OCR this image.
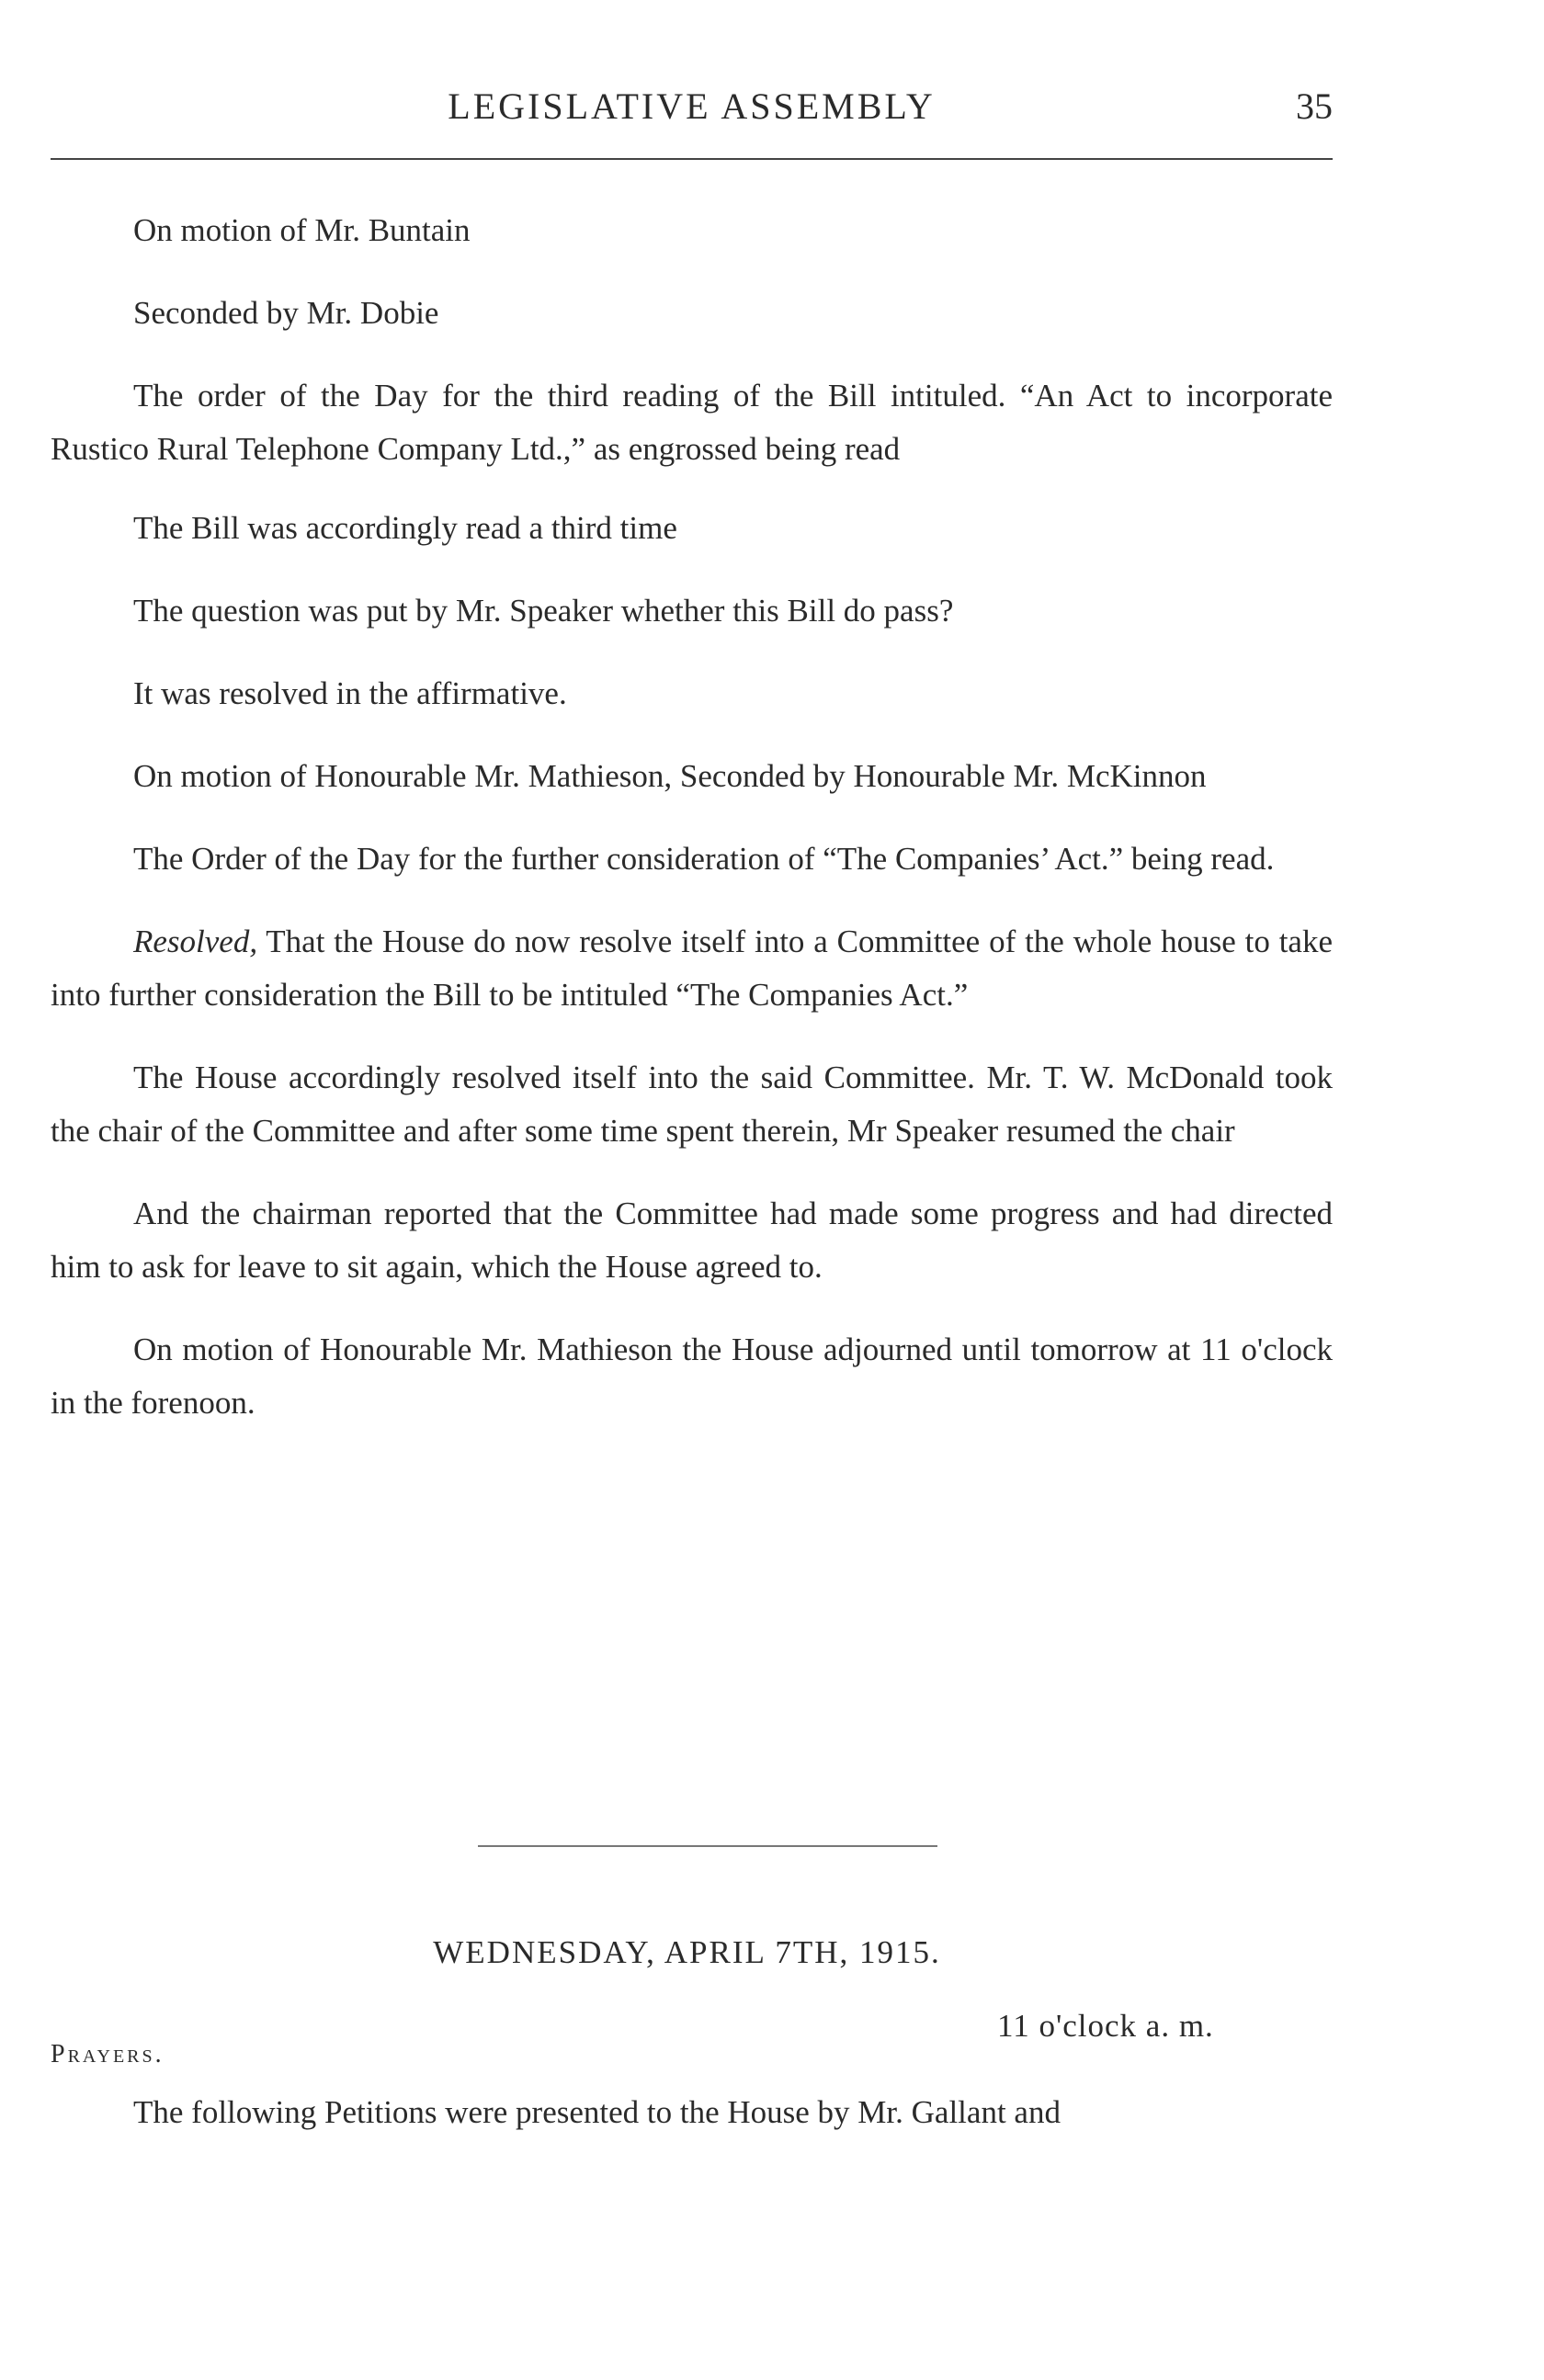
LEGISLATIVE ASSEMBLY	35

On motion of Mr. Buntain

Seconded by Mr. Dobie

The order of the Day for the third reading of the Bill intituled. “An Act to incorporate Rustico Rural Telephone Company Ltd.,” as engrossed being read

The Bill was accordingly read a third time

The question was put by Mr. Speaker whether this Bill do pass?

It was resolved in the affirmative.

On motion of Honourable Mr. Mathieson, Seconded by Honourable Mr. McKinnon

The Order of the Day for the further consideration of “The Companies’ Act.” being read.

Resolved, That the House do now resolve itself into a Committee of the whole house to take into further consideration the Bill to be intituled “The Companies Act.”

The House accordingly resolved itself into the said Committee. Mr. T. W. McDonald took the chair of the Committee and after some time spent therein, Mr Speaker resumed the chair

And the chairman reported that the Committee had made some progress and had directed him to ask for leave to sit again, which the House agreed to.

On motion of Honourable Mr. Mathieson the House adjourned until tomorrow at 11 o'clock in the forenoon.

WEDNESDAY, APRIL 7TH, 1915.
11 o'clock a. m.
Prayers.
The following Petitions were presented to the House by Mr. Gallant and
